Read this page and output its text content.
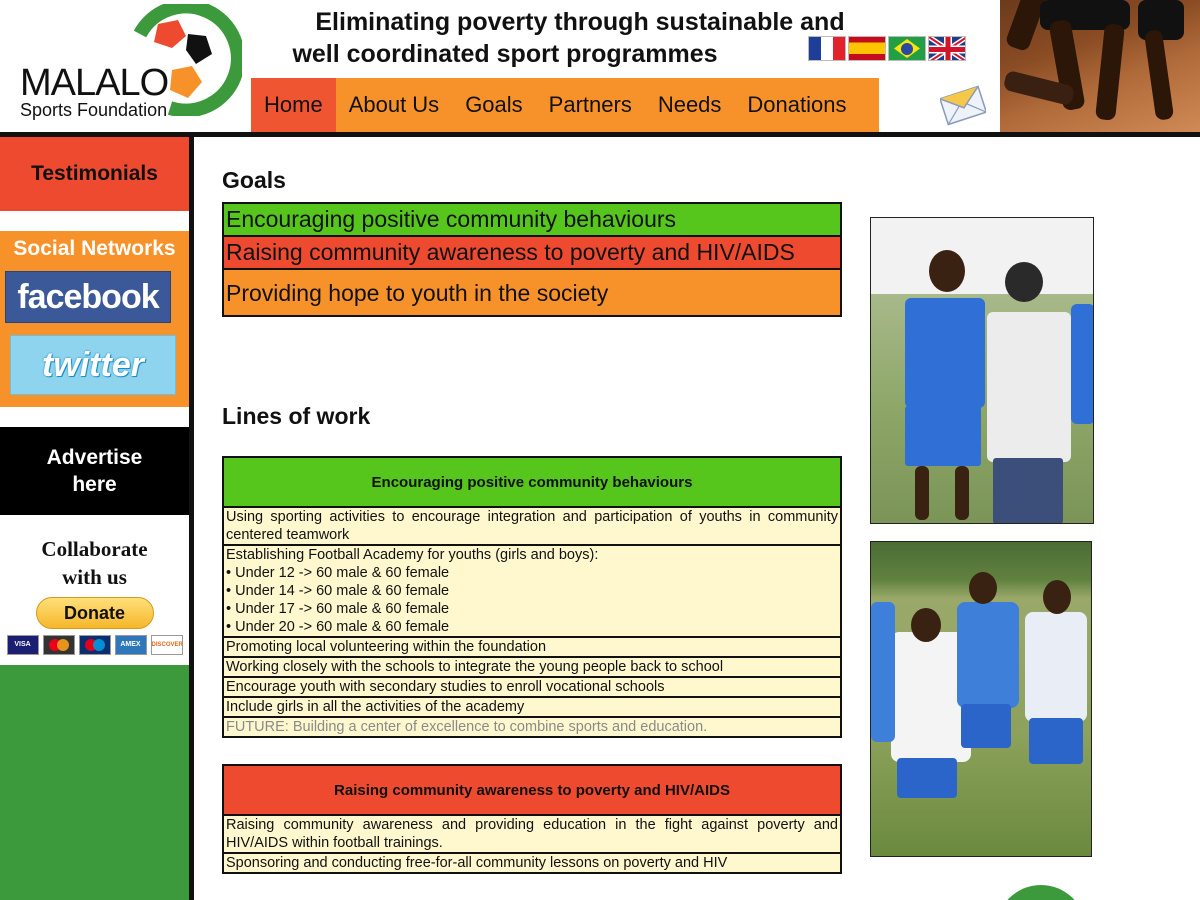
MALALO
Sports Foundation
Eliminating poverty through sustainable and
well coordinated sport programmes
Home	About Us	Goals	Partners	Needs	Donations
Testimonials
Social Networks
facebook
twitter
Advertise
here
Collaborate
with us
Donate
VISA	AMEX	DISCOVER
Goals
Encouraging positive community behaviours
Raising community awareness to poverty and HIV/AIDS
Providing hope to youth in the society
Lines of work
Encouraging positive community behaviours
Using sporting activities to encourage integration and participation of youths in community centered teamwork
Establishing Football Academy for youths (girls and boys):
• Under 12 -> 60 male & 60 female
• Under 14 -> 60 male & 60 female
• Under 17 -> 60 male & 60 female
• Under 20 -> 60 male & 60 female
Promoting local volunteering within the foundation
Working closely with the schools to integrate the young people back to school
Encourage youth with secondary studies to enroll vocational schools
Include girls in all the activities of the academy
FUTURE: Building a center of excellence to combine sports and education.
Raising community awareness to poverty and HIV/AIDS
Raising community awareness and providing education in the fight against poverty and HIV/AIDS within football trainings.
Sponsoring and conducting free-for-all community lessons on poverty and HIV
